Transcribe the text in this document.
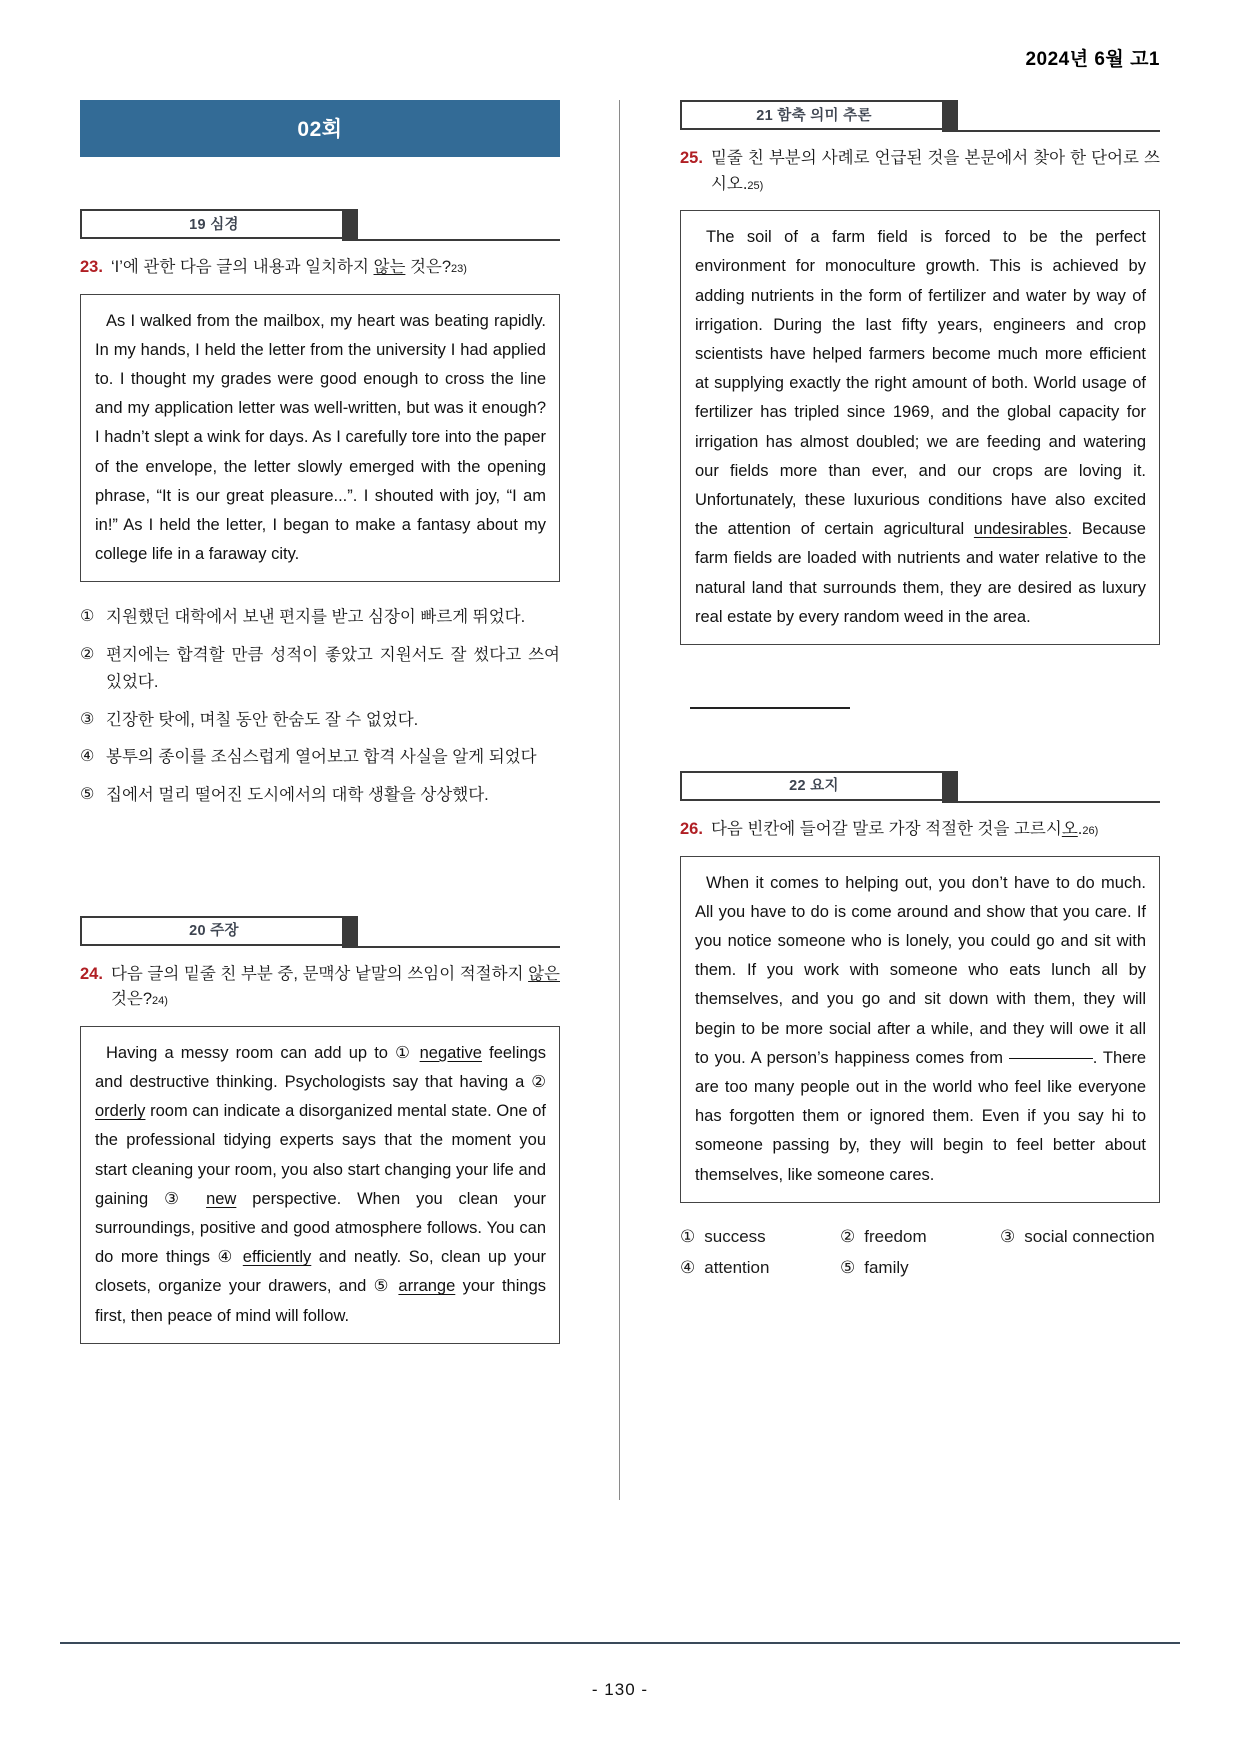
2024년 6월 고1
02회
19 심경
23. ‘I’에 관한 다음 글의 내용과 일치하지 않는 것은?23)
As I walked from the mailbox, my heart was beating rapidly. In my hands, I held the letter from the university I had applied to. I thought my grades were good enough to cross the line and my application letter was well-written, but was it enough? I hadn’t slept a wink for days. As I carefully tore into the paper of the envelope, the letter slowly emerged with the opening phrase, “It is our great pleasure...”. I shouted with joy, “I am in!” As I held the letter, I began to make a fantasy about my college life in a faraway city.
① 지원했던 대학에서 보낸 편지를 받고 심장이 빠르게 뛰었다.
② 편지에는 합격할 만큼 성적이 좋았고 지원서도 잘 썼다고 쓰여 있었다.
③ 긴장한 탓에, 며칠 동안 한숨도 잘 수 없었다.
④ 봉투의 종이를 조심스럽게 열어보고 합격 사실을 알게 되었다
⑤ 집에서 멀리 떨어진 도시에서의 대학 생활을 상상했다.
20 주장
24. 다음 글의 밑줄 친 부분 중, 문맥상 낱말의 쓰임이 적절하지 않은 것은?24)
Having a messy room can add up to ① negative feelings and destructive thinking. Psychologists say that having a ② orderly room can indicate a disorganized mental state. One of the professional tidying experts says that the moment you start cleaning your room, you also start changing your life and gaining ③ new perspective. When you clean your surroundings, positive and good atmosphere follows. You can do more things ④ efficiently and neatly. So, clean up your closets, organize your drawers, and ⑤ arrange your things first, then peace of mind will follow.
21 함축 의미 추론
25. 밑줄 친 부분의 사례로 언급된 것을 본문에서 찾아 한 단어로 쓰시오.25)
The soil of a farm field is forced to be the perfect environment for monoculture growth. This is achieved by adding nutrients in the form of fertilizer and water by way of irrigation. During the last fifty years, engineers and crop scientists have helped farmers become much more efficient at supplying exactly the right amount of both. World usage of fertilizer has tripled since 1969, and the global capacity for irrigation has almost doubled; we are feeding and watering our fields more than ever, and our crops are loving it. Unfortunately, these luxurious conditions have also excited the attention of certain agricultural undesirables. Because farm fields are loaded with nutrients and water relative to the natural land that surrounds them, they are desired as luxury real estate by every random weed in the area.
22 요지
26. 다음 빈칸에 들어갈 말로 가장 적절한 것을 고르시오.26)
When it comes to helping out, you don’t have to do much. All you have to do is come around and show that you care. If you notice someone who is lonely, you could go and sit with them. If you work with someone who eats lunch all by themselves, and you go and sit down with them, they will begin to be more social after a while, and they will owe it all to you. A person’s happiness comes from	. There are too many people out in the world who feel like everyone has forgotten them or ignored them. Even if you say hi to someone passing by, they will begin to feel better about themselves, like someone cares.
① success	② freedom	③ social connection
④ attention	⑤ family
- 130 -
